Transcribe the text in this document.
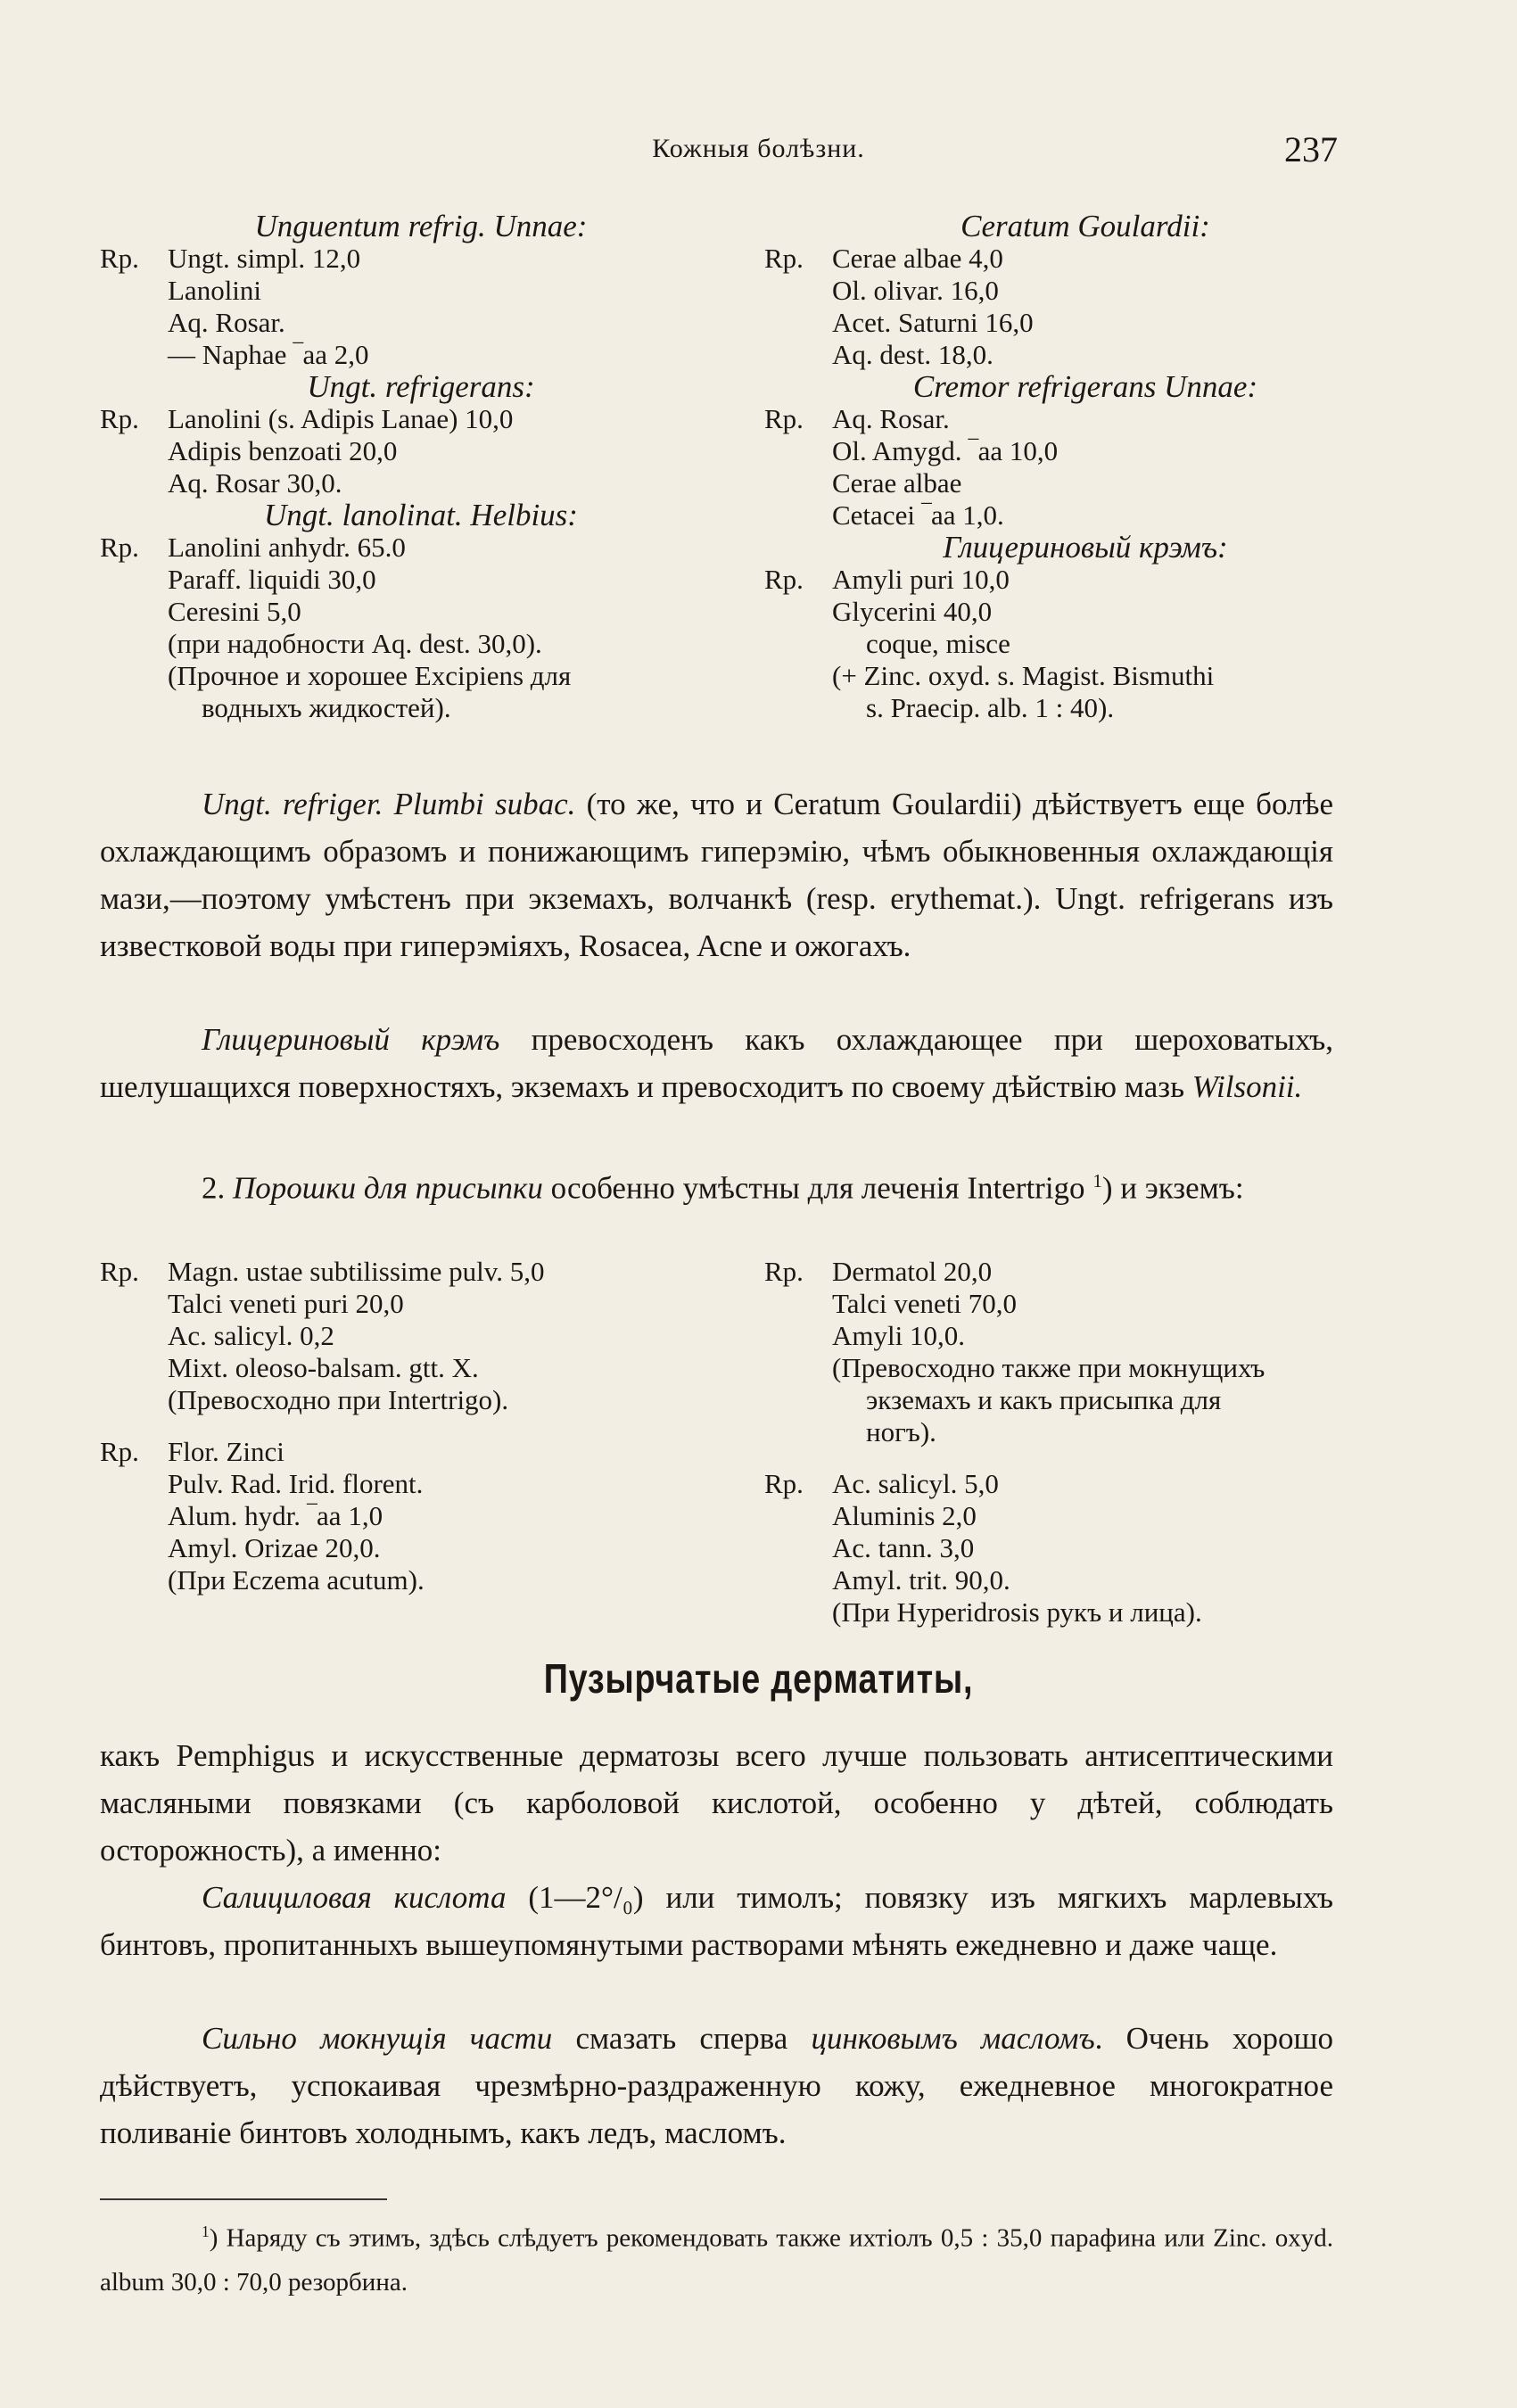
Кожныя болѣзни.	237
Unguentum refrig. Unnae:
Rp. Ungt. simpl. 12,0
Lanolini
Aq. Rosar.
— Naphae ‾aa 2,0
Ungt. refrigerans:
Rp. Lanolini (s. Adipis Lanae) 10,0
Adipis benzoati 20,0
Aq. Rosar 30,0.
Ungt. lanolinat. Helbius:
Rp. Lanolini anhydr. 65.0
Paraff. liquidi 30,0
Ceresini 5,0
(при надобности Aq. dest. 30,0).
(Прочное и хорошее Excipiens для
водныхъ жидкостей).
Ceratum Goulardii:
Rp. Cerae albae 4,0
Ol. olivar. 16,0
Acet. Saturni 16,0
Aq. dest. 18,0.
Cremor refrigerans Unnae:
Rp. Aq. Rosar.
Ol. Amygd. ‾aa 10,0
Cerae albae
Cetacei ‾aa 1,0.
Глицериновый крэмъ:
Rp. Amyli puri 10,0
Glycerini 40,0
coque, misce
(+ Zinc. oxyd. s. Magist. Bismuthi
s. Praecip. alb. 1 : 40).

Ungt. refriger. Plumbi subac. (то же, что и Ceratum Goulardii) дѣйствуетъ еще болѣе охлаждающимъ образомъ и понижающимъ гиперэмію, чѣмъ обыкновенныя охлаждающія мази,—поэтому умѣстенъ при экземахъ, волчанкѣ (resp. erythemat.). Ungt. refrigerans изъ известковой воды при гиперэміяхъ, Rosacea, Acne и ожогахъ.

Глицериновый крэмъ превосходенъ какъ охлаждающее при шероховатыхъ, шелушащихся поверхностяхъ, экземахъ и превосходитъ по своему дѣйствію мазь Wilsonii.

2. Порошки для присыпки особенно умѣстны для леченія Intertrigo $^1$) и экземъ:

Rp. Magn. ustae subtilissime pulv. 5,0
Talci veneti puri 20,0
Ac. salicyl. 0,2
Mixt. oleoso-balsam. gtt. X.
(Превосходно при Intertrigo).
Rp. Flor. Zinci
Pulv. Rad. Irid. florent.
Alum. hydr. ‾aa 1,0
Amyl. Orizae 20,0.
(При Eczema acutum).
Rp. Dermatol 20,0
Talci veneti 70,0
Amyli 10,0.
(Превосходно также при мокнущихъ
экземахъ и какъ присыпка для
ногъ).
Rp. Ac. salicyl. 5,0
Aluminis 2,0
Ac. tann. 3,0
Amyl. trit. 90,0.
(При Hyperidrosis рукъ и лица).
Пузырчатые дерматиты,

какъ Pemphigus и искусственные дерматозы всего лучше пользовать антисептическими масляными повязками (съ карболовой кислотой, особенно у дѣтей, соблюдать осторожность), а именно:

Салициловая кислота (1—2°/₀) или тимолъ; повязку изъ мягкихъ марлевыхъ бинтовъ, пропитанныхъ вышеупомянутыми растворами мѣнять ежедневно и даже чаще.

Сильно мокнущія части смазать сперва цинковымъ масломъ. Очень хорошо дѣйствуетъ, успокаивая чрезмѣрно-раздраженную кожу, ежедневное многократное поливаніе бинтовъ холоднымъ, какъ ледъ, масломъ.

$^1$) Наряду съ этимъ, здѣсь слѣдуетъ рекомендовать также ихтіолъ 0,5 : 35,0 парафина или Zinc. oxyd. album 30,0 : 70,0 резорбина.
